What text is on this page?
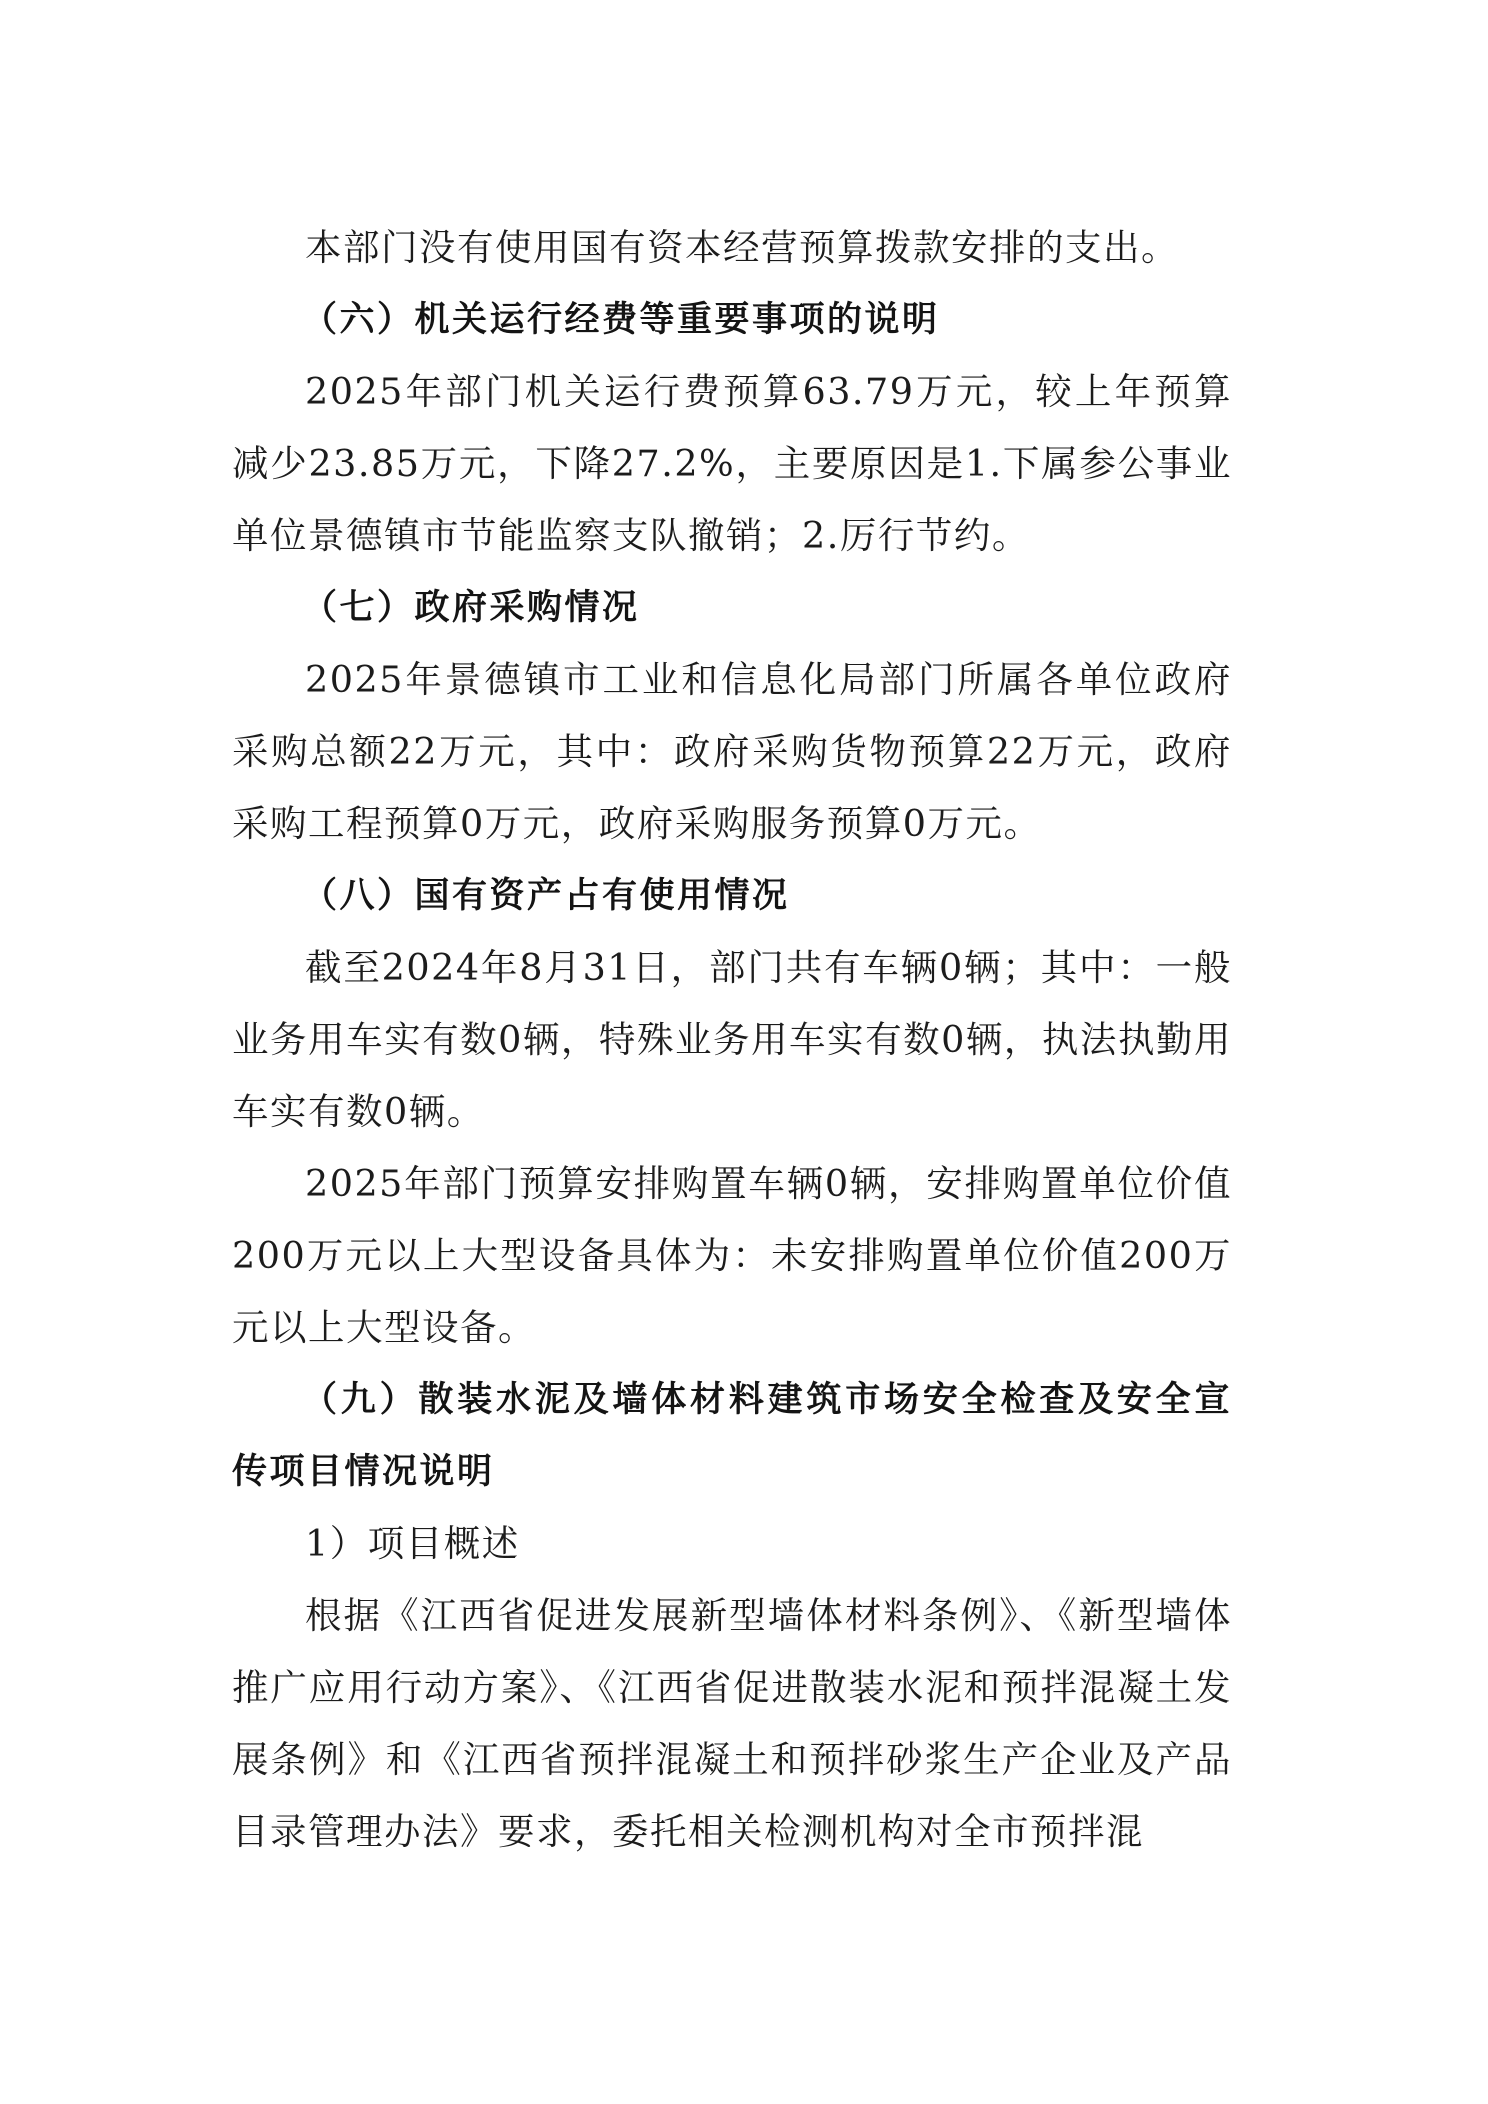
本部门没有使用国有资本经营预算拨款安排的支出。

（六）机关运行经费等重要事项的说明

2025年部门机关运行费预算63.79万元，较上年预算减少23.85万元，下降27.2%，主要原因是1.下属参公事业单位景德镇市节能监察支队撤销；2.厉行节约。

（七）政府采购情况

2025年景德镇市工业和信息化局部门所属各单位政府采购总额22万元，其中：政府采购货物预算22万元，政府采购工程预算0万元，政府采购服务预算0万元。

（八）国有资产占有使用情况

截至2024年8月31日，部门共有车辆0辆；其中：一般业务用车实有数0辆，特殊业务用车实有数0辆，执法执勤用车实有数0辆。

2025年部门预算安排购置车辆0辆，安排购置单位价值200万元以上大型设备具体为：未安排购置单位价值200万元以上大型设备。

（九）散装水泥及墙体材料建筑市场安全检查及安全宣传项目情况说明

1）项目概述

根据《江西省促进发展新型墙体材料条例》、《新型墙体推广应用行动方案》、《江西省促进散装水泥和预拌混凝土发展条例》和《江西省预拌混凝土和预拌砂浆生产企业及产品目录管理办法》要求，委托相关检测机构对全市预拌混
